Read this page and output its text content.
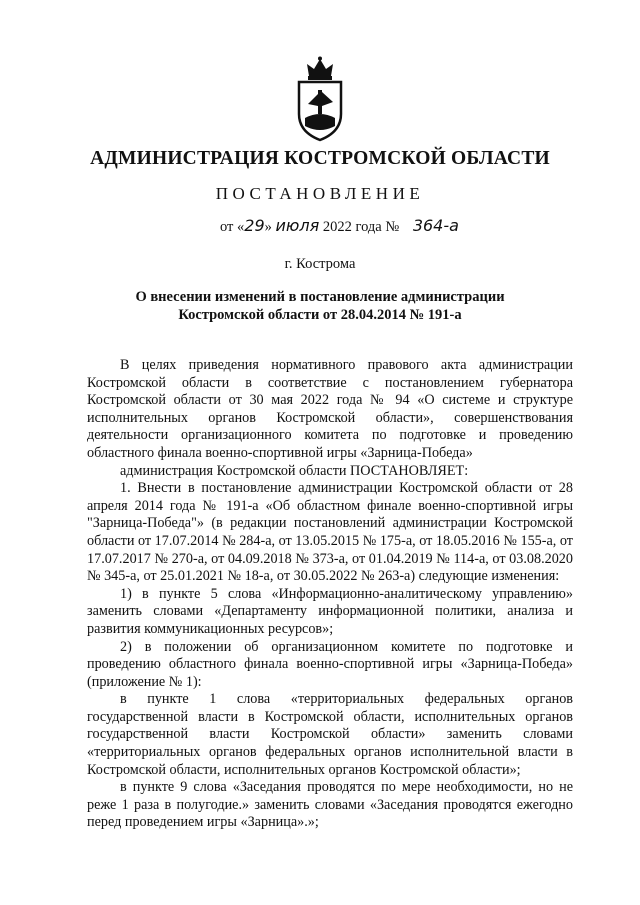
АДМИНИСТРАЦИЯ КОСТРОМСКОЙ ОБЛАСТИ
ПОСТАНОВЛЕНИЕ
от «29» июля 2022 года № 364-а
г. Кострома
О внесении изменений в постановление администрации
Костромской области от 28.04.2014 № 191-а

В целях приведения нормативного правового акта администрации Костромской области в соответствие с постановлением губернатора Костромской области от 30 мая 2022 года № 94 «О системе и структуре исполнительных органов Костромской области», совершенствования деятельности организационного комитета по подготовке и проведению областного финала военно-спортивной игры «Зарница-Победа»

администрация Костромской области ПОСТАНОВЛЯЕТ:

1. Внести в постановление администрации Костромской области от 28 апреля 2014 года № 191-а «Об областном финале военно-спортивной игры "Зарница-Победа"» (в редакции постановлений администрации Костромской области от 17.07.2014 № 284-а, от 13.05.2015 № 175-а, от 18.05.2016 № 155-а, от 17.07.2017 № 270-а, от 04.09.2018 № 373-а, от 01.04.2019 № 114-а, от 03.08.2020 № 345-а, от 25.01.2021 № 18-а, от 30.05.2022 № 263-а) следующие изменения:

1) в пункте 5 слова «Информационно-аналитическому управлению» заменить словами «Департаменту информационной политики, анализа и развития коммуникационных ресурсов»;

2) в положении об организационном комитете по подготовке и проведению областного финала военно-спортивной игры «Зарница-Победа» (приложение № 1):

в пункте 1 слова «территориальных федеральных органов государственной власти в Костромской области, исполнительных органов государственной власти Костромской области» заменить словами «территориальных органов федеральных органов исполнительной власти в Костромской области, исполнительных органов Костромской области»;

в пункте 9 слова «Заседания проводятся по мере необходимости, но не реже 1 раза в полугодие.» заменить словами «Заседания проводятся ежегодно перед проведением игры «Зарница».»;
